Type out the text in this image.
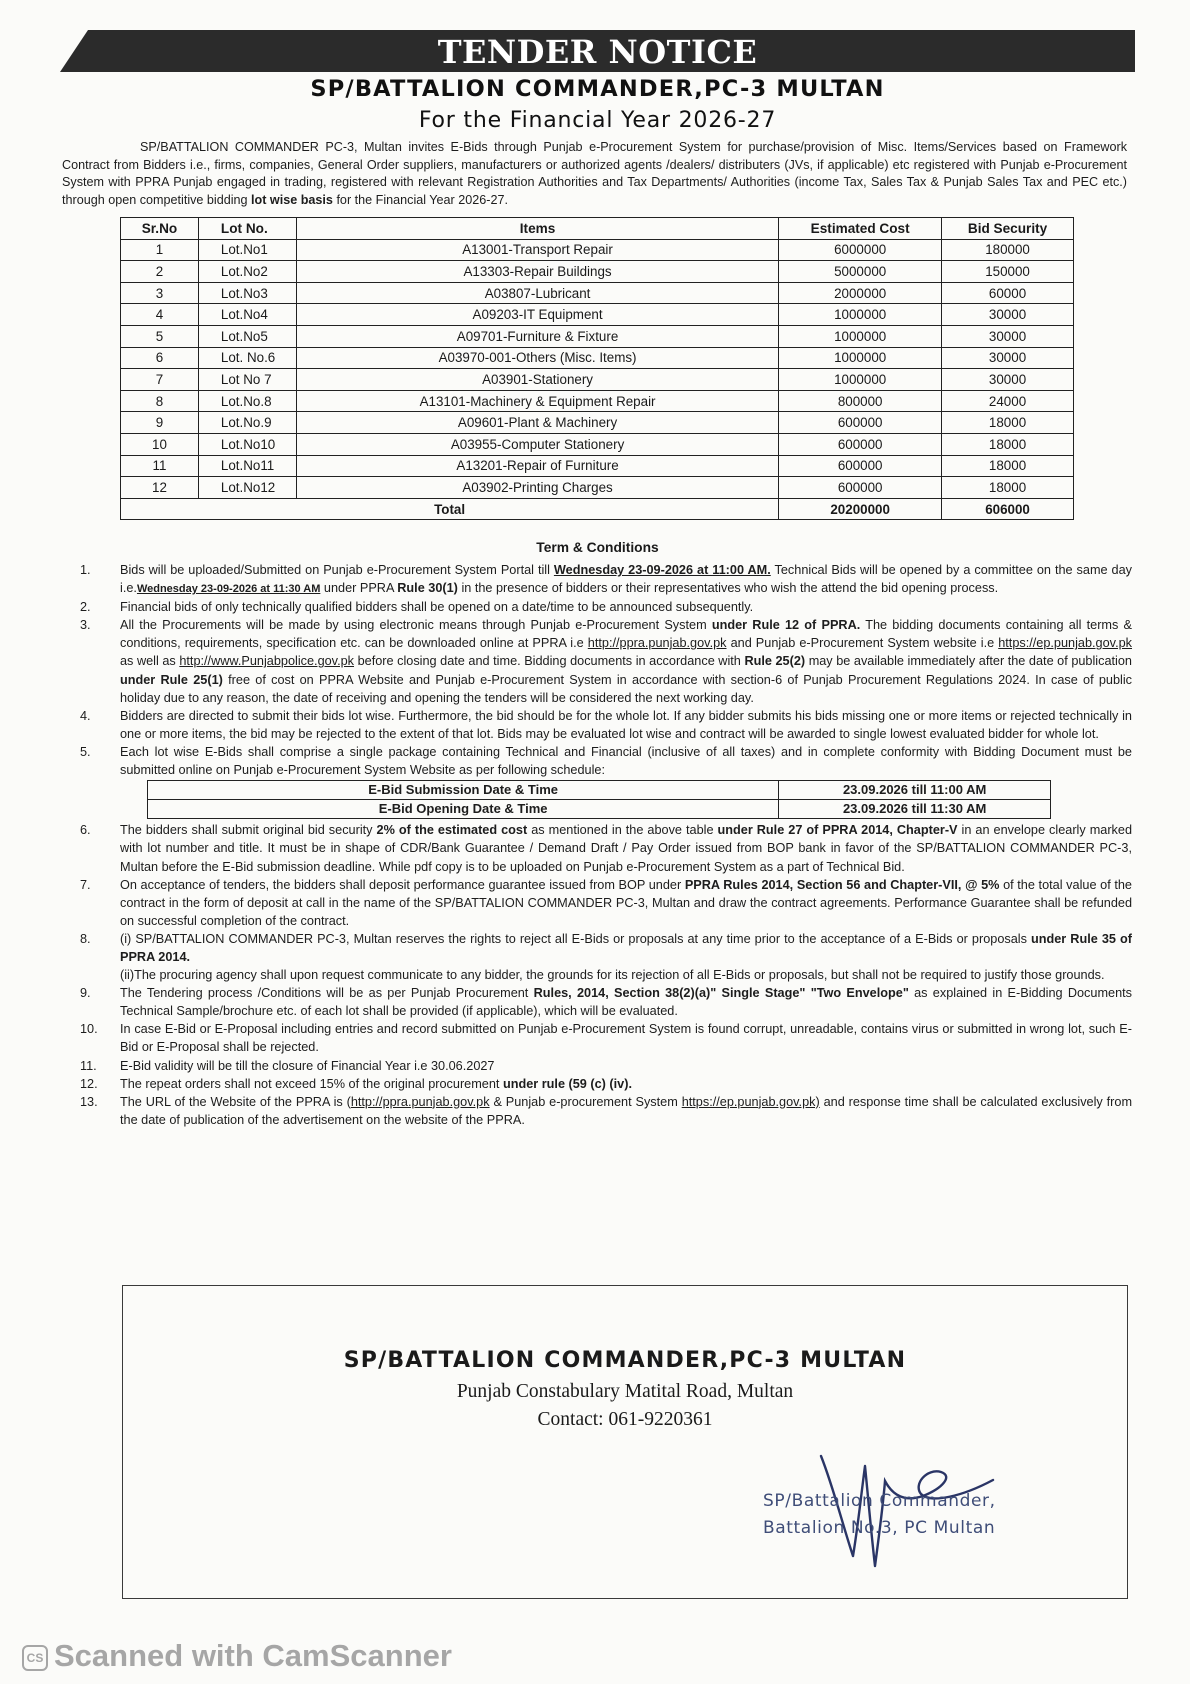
TENDER NOTICE
SP/BATTALION COMMANDER,PC-3 MULTAN
For the Financial Year 2026-27

SP/BATTALION COMMANDER PC-3, Multan invites E-Bids through Punjab e-Procurement System for purchase/provision of Misc. Items/Services based on Framework Contract from Bidders i.e., firms, companies, General Order suppliers, manufacturers or authorized agents /dealers/ distributers (JVs, if applicable) etc registered with Punjab e-Procurement System with PPRA Punjab engaged in trading, registered with relevant Registration Authorities and Tax Departments/ Authorities (income Tax, Sales Tax & Punjab Sales Tax and PEC etc.) through open competitive bidding lot wise basis for the Financial Year 2026-27.

Sr.No	Lot No.	Items	Estimated Cost	Bid Security
1	Lot.No1	A13001-Transport Repair	6000000	180000
2	Lot.No2	A13303-Repair Buildings	5000000	150000
3	Lot.No3	A03807-Lubricant	2000000	60000
4	Lot.No4	A09203-IT Equipment	1000000	30000
5	Lot.No5	A09701-Furniture & Fixture	1000000	30000
6	Lot. No.6	A03970-001-Others (Misc. Items)	1000000	30000
7	Lot No 7	A03901-Stationery	1000000	30000
8	Lot.No.8	A13101-Machinery & Equipment Repair	800000	24000
9	Lot.No.9	A09601-Plant & Machinery	600000	18000
10	Lot.No10	A03955-Computer Stationery	600000	18000
11	Lot.No11	A13201-Repair of Furniture	600000	18000
12	Lot.No12	A03902-Printing Charges	600000	18000
Total			20200000	606000
Term & Conditions
1. Bids will be uploaded/Submitted on Punjab e-Procurement System Portal till Wednesday 23-09-2026 at 11:00 AM. Technical Bids will be opened by a committee on the same day i.e.Wednesday 23-09-2026 at 11:30 AM under PPRA Rule 30(1) in the presence of bidders or their representatives who wish the attend the bid opening process.
2. Financial bids of only technically qualified bidders shall be opened on a date/time to be announced subsequently.
3. All the Procurements will be made by using electronic means through Punjab e-Procurement System under Rule 12 of PPRA. The bidding documents containing all terms & conditions, requirements, specification etc. can be downloaded online at PPRA i.e http://ppra.punjab.gov.pk and Punjab e-Procurement System website i.e https://ep.punjab.gov.pk as well as http://www.Punjabpolice.gov.pk before closing date and time. Bidding documents in accordance with Rule 25(2) may be available immediately after the date of publication under Rule 25(1) free of cost on PPRA Website and Punjab e-Procurement System in accordance with section-6 of Punjab Procurement Regulations 2024. In case of public holiday due to any reason, the date of receiving and opening the tenders will be considered the next working day.
4. Bidders are directed to submit their bids lot wise. Furthermore, the bid should be for the whole lot. If any bidder submits his bids missing one or more items or rejected technically in one or more items, the bid may be rejected to the extent of that lot. Bids may be evaluated lot wise and contract will be awarded to single lowest evaluated bidder for whole lot.
5. Each lot wise E-Bids shall comprise a single package containing Technical and Financial (inclusive of all taxes) and in complete conformity with Bidding Document must be submitted online on Punjab e-Procurement System Website as per following schedule:
E-Bid Submission Date & Time	23.09.2026 till 11:00 AM
E-Bid Opening Date & Time	23.09.2026 till 11:30 AM
6. The bidders shall submit original bid security 2% of the estimated cost as mentioned in the above table under Rule 27 of PPRA 2014, Chapter-V in an envelope clearly marked with lot number and title. It must be in shape of CDR/Bank Guarantee / Demand Draft / Pay Order issued from BOP bank in favor of the SP/BATTALION COMMANDER PC-3, Multan before the E-Bid submission deadline. While pdf copy is to be uploaded on Punjab e-Procurement System as a part of Technical Bid.
7. On acceptance of tenders, the bidders shall deposit performance guarantee issued from BOP under PPRA Rules 2014, Section 56 and Chapter-VII, @ 5% of the total value of the contract in the form of deposit at call in the name of the SP/BATTALION COMMANDER PC-3, Multan and draw the contract agreements. Performance Guarantee shall be refunded on successful completion of the contract.
8. (i) SP/BATTALION COMMANDER PC-3, Multan reserves the rights to reject all E-Bids or proposals at any time prior to the acceptance of a E-Bids or proposals under Rule 35 of PPRA 2014.
(ii)The procuring agency shall upon request communicate to any bidder, the grounds for its rejection of all E-Bids or proposals, but shall not be required to justify those grounds.
9. The Tendering process /Conditions will be as per Punjab Procurement Rules, 2014, Section 38(2)(a)" Single Stage" "Two Envelope" as explained in E-Bidding Documents Technical Sample/brochure etc. of each lot shall be provided (if applicable), which will be evaluated.
10. In case E-Bid or E-Proposal including entries and record submitted on Punjab e-Procurement System is found corrupt, unreadable, contains virus or submitted in wrong lot, such E-Bid or E-Proposal shall be rejected.
11. E-Bid validity will be till the closure of Financial Year i.e 30.06.2027
12. The repeat orders shall not exceed 15% of the original procurement under rule (59 (c) (iv).
13. The URL of the Website of the PPRA is (http://ppra.punjab.gov.pk & Punjab e-procurement System https://ep.punjab.gov.pk) and response time shall be calculated exclusively from the date of publication of the advertisement on the website of the PPRA.
SP/BATTALION COMMANDER,PC-3 MULTAN
Punjab Constabulary Matital Road, Multan
Contact: 061-9220361
SP/Battalion Commander,
Battalion No.3, PC Multan
CS Scanned with CamScanner
